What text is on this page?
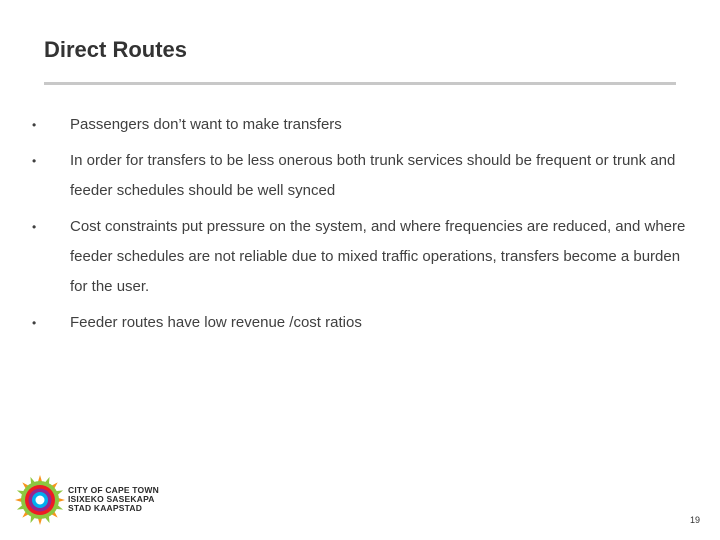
Direct Routes
•	Passengers don’t want to make transfers
•	In order for transfers to be less onerous both trunk services should be frequent or trunk and feeder schedules should be well synced
•	Cost constraints put pressure on the system, and where frequencies are reduced, and where feeder schedules are not reliable due to mixed traffic operations, transfers become a burden for the user.
•	Feeder routes have low revenue /cost ratios
CITY OF CAPE TOWN
ISIXEKO SASEKAPA
STAD KAAPSTAD
19
